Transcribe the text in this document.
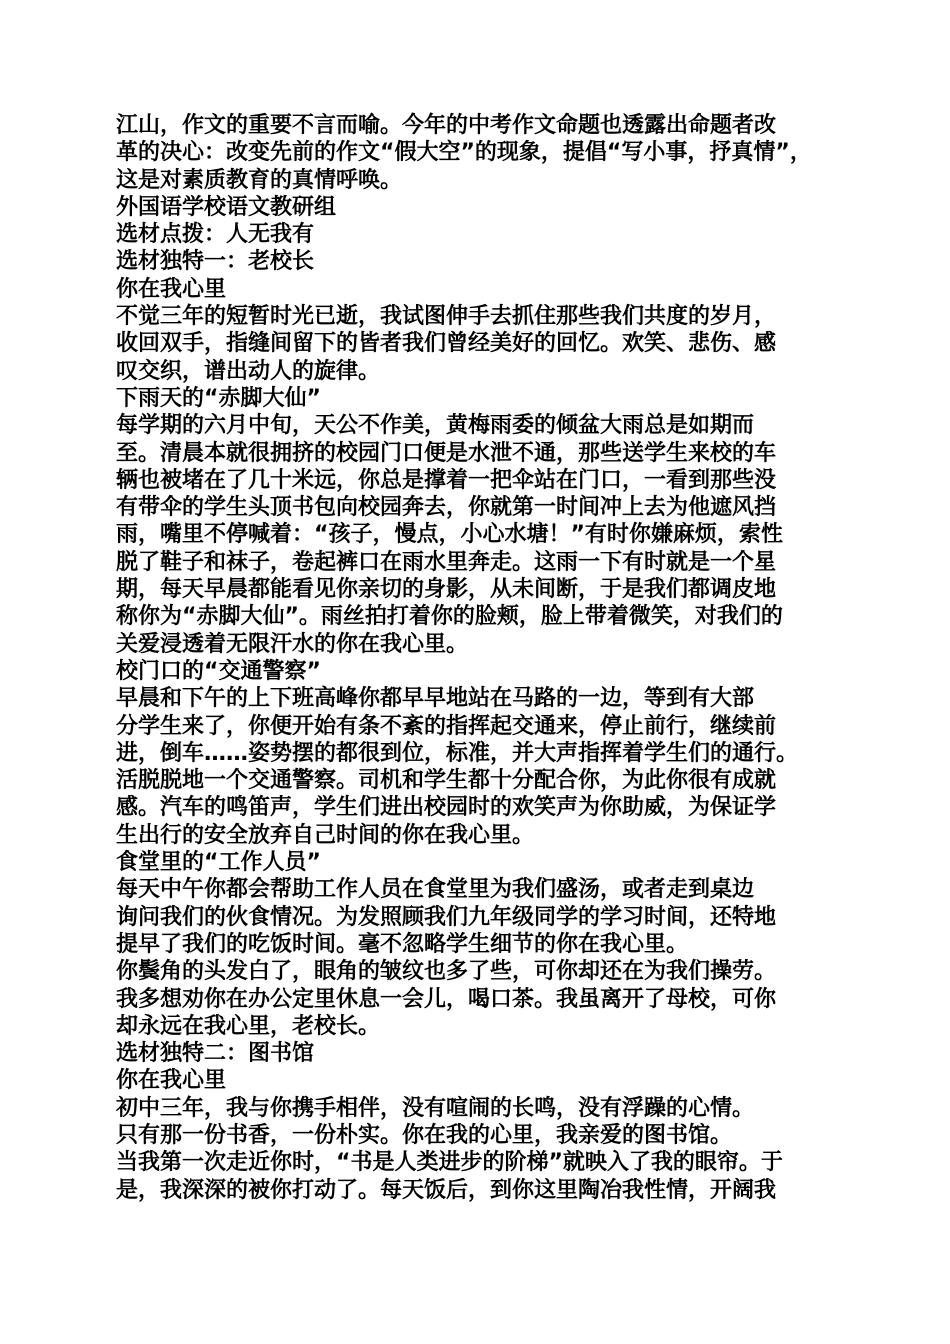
江山，作文的重要不言而喻。今年的中考作文命题也透露出命题者改
革的决心：改变先前的作文“假大空”的现象，提倡“写小事，抒真情”，
这是对素质教育的真情呼唤。
外国语学校语文教研组
选材点拨：人无我有
选材独特一：老校长
你在我心里
不觉三年的短暂时光已逝，我试图伸手去抓住那些我们共度的岁月，
收回双手，指缝间留下的皆者我们曾经美好的回忆。欢笑、悲伤、感
叹交织，谱出动人的旋律。
下雨天的“赤脚大仙”
每学期的六月中旬，天公不作美，黄梅雨委的倾盆大雨总是如期而
至。清晨本就很拥挤的校园门口便是水泄不通，那些送学生来校的车
辆也被堵在了几十米远，你总是撑着一把伞站在门口，一看到那些没
有带伞的学生头顶书包向校园奔去，你就第一时间冲上去为他遮风挡
雨，嘴里不停喊着：“孩子，慢点，小心水塘！”有时你嫌麻烦，索性
脱了鞋子和袜子，卷起裤口在雨水里奔走。这雨一下有时就是一个星
期，每天早晨都能看见你亲切的身影，从未间断，于是我们都调皮地
称你为“赤脚大仙”。雨丝拍打着你的脸颊，脸上带着微笑，对我们的
关爱浸透着无限汗水的你在我心里。
校门口的“交通警察”
早晨和下午的上下班高峰你都早早地站在马路的一边，等到有大部
分学生来了，你便开始有条不紊的指挥起交通来，停止前行，继续前
进，倒车……姿势摆的都很到位，标准，并大声指挥着学生们的通行。
活脱脱地一个交通警察。司机和学生都十分配合你，为此你很有成就
感。汽车的鸣笛声，学生们进出校园时的欢笑声为你助威，为保证学
生出行的安全放弃自己时间的你在我心里。
食堂里的“工作人员”
每天中午你都会帮助工作人员在食堂里为我们盛汤，或者走到桌边
询问我们的伙食情况。为发照顾我们九年级同学的学习时间，还特地
提早了我们的吃饭时间。毫不忽略学生细节的你在我心里。
你鬓角的头发白了，眼角的皱纹也多了些，可你却还在为我们操劳。
我多想劝你在办公定里休息一会儿，喝口茶。我虽离开了母校，可你
却永远在我心里，老校长。
选材独特二：图书馆
你在我心里
初中三年，我与你携手相伴，没有喧闹的长鸣，没有浮躁的心情。
只有那一份书香，一份朴实。你在我的心里，我亲爱的图书馆。
当我第一次走近你时，“书是人类进步的阶梯”就映入了我的眼帘。于
是，我深深的被你打动了。每天饭后，到你这里陶冶我性情，开阔我
